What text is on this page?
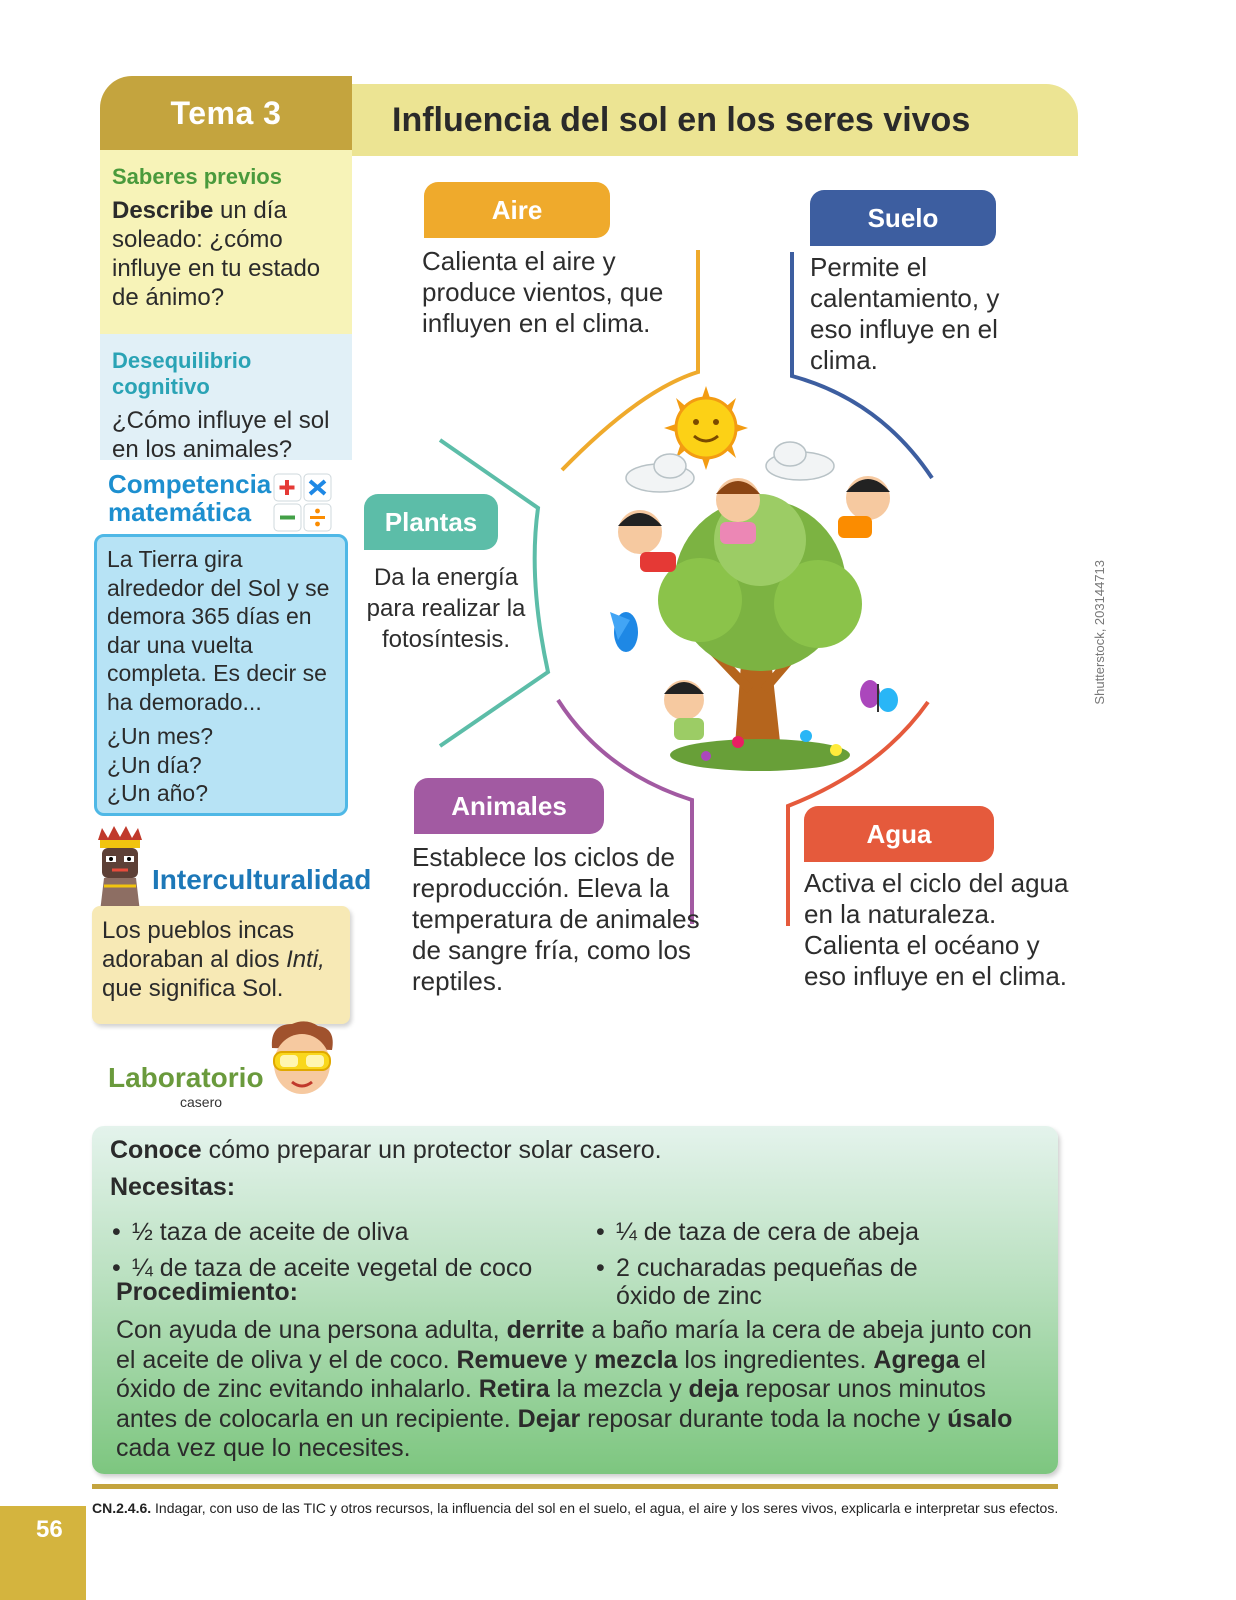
Tema 3	Influencia del sol en los seres vivos
Saberes previos
Describe un día soleado: ¿cómo influye en tu estado de ánimo?
Desequilibrio cognitivo
¿Cómo influye el sol en los animales?
Competencia
matemática
La Tierra gira alrededor del Sol y se demora 365 días en dar una vuelta completa. Es decir se ha demorado...
¿Un mes?
¿Un día?
¿Un año?
Interculturalidad
Los pueblos incas adoraban al dios Inti, que significa Sol.
Laboratorio
casero
Aire
Calienta el aire y produce vientos, que influyen en el clima.
Suelo
Permite el calentamiento, y eso influye en el clima.
Plantas
Da la energía para realizar la fotosíntesis.
Animales
Establece los ciclos de reproducción. Eleva la temperatura de animales de sangre fría, como los reptiles.
Agua
Activa el ciclo del agua en la naturaleza. Calienta el océano y eso influye en el clima.
Shutterstock, 203144713
Conoce cómo preparar un protector solar casero.
Necesitas:
• ½ taza de aceite de oliva
• ¼ de taza de aceite vegetal de coco
• ¼ de taza de cera de abeja
• 2 cucharadas pequeñas de óxido de zinc
Procedimiento:
Con ayuda de una persona adulta, derrite a baño maría la cera de abeja junto con el aceite de oliva y el de coco. Remueve y mezcla los ingredientes. Agrega el óxido de zinc evitando inhalarlo. Retira la mezcla y deja reposar unos minutos antes de colocarla en un recipiente. Dejar reposar durante toda la noche y úsalo cada vez que lo necesites.
56
CN.2.4.6. Indagar, con uso de las TIC y otros recursos, la influencia del sol en el suelo, el agua, el aire y los seres vivos, explicarla e interpretar sus efectos.
